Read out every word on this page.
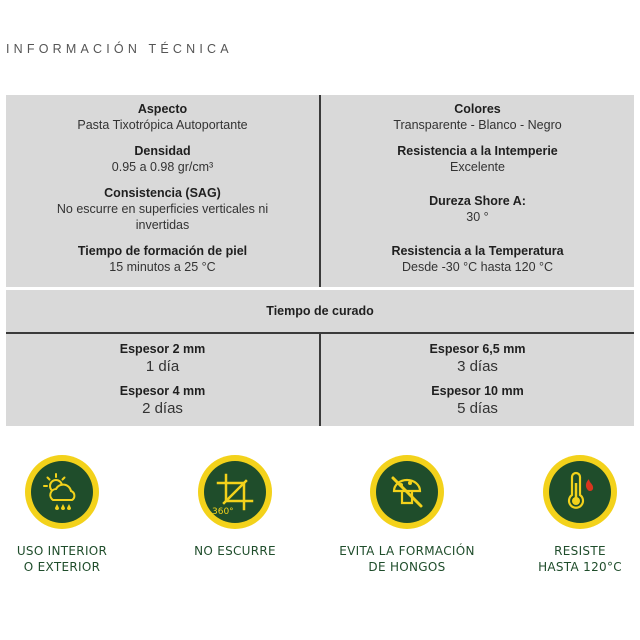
INFORMACIÓN TÉCNICA
Aspecto
Pasta Tixotrópica Autoportante
Densidad
0.95 a 0.98 gr/cm³
Consistencia (SAG)
No escurre en superficies verticales ni invertidas
Tiempo de formación de piel
15 minutos a 25 °C
Colores
Transparente - Blanco - Negro
Resistencia a la Intemperie
Excelente
Dureza Shore A:
30 °
Resistencia a la Temperatura
Desde -30 °C hasta 120 °C
Tiempo de curado
Espesor 2 mm
1 día
Espesor 4 mm
2 días
Espesor 6,5 mm
3 días
Espesor 10 mm
5 días
USO INTERIOR
O EXTERIOR
360°
NO ESCURRE	EVITA LA FORMACIÓN
DE HONGOS
RESISTE
HASTA 120°C
